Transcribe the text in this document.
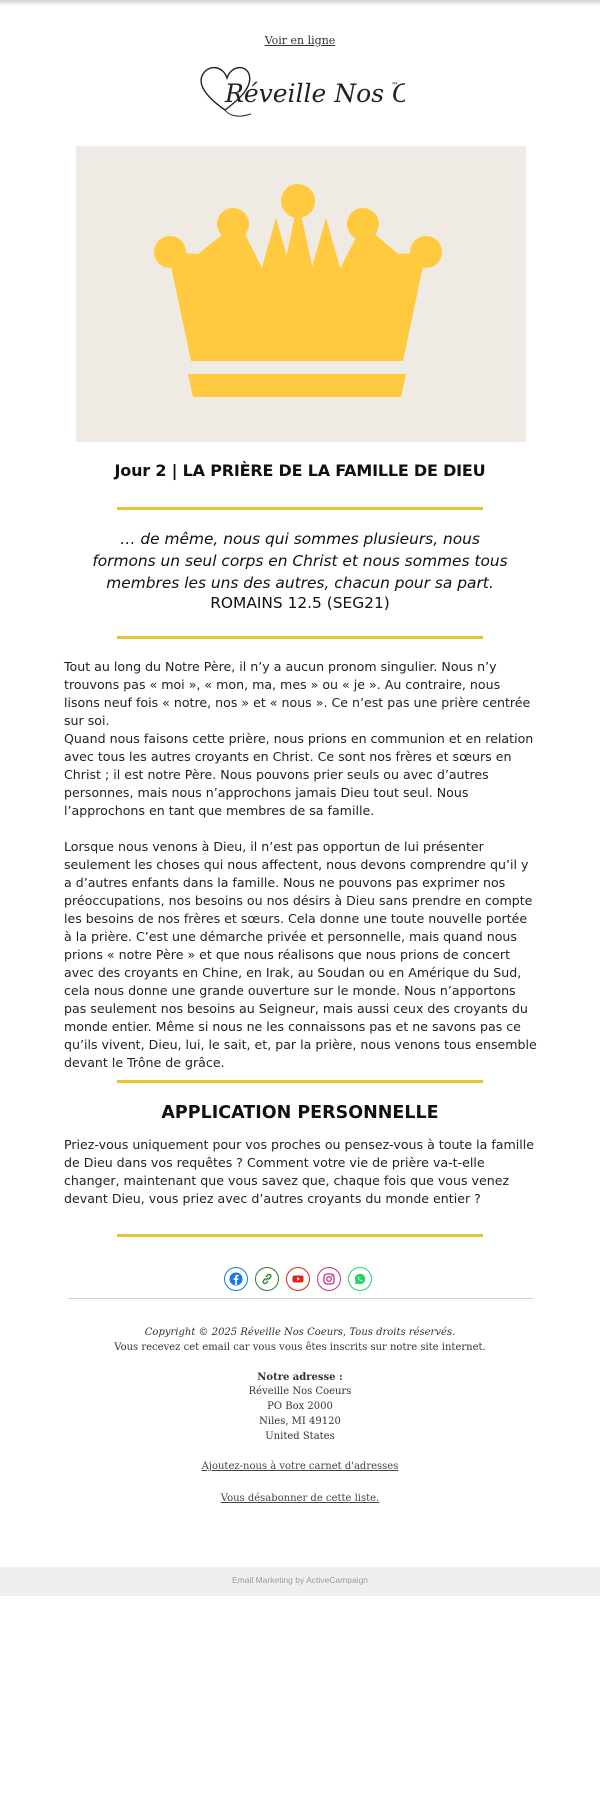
Voir en ligne
Réveille Nos ™
Jour 2 | LA PRIÈRE DE LA FAMILLE DE DIEU
… de même, nous qui sommes plusieurs, nous formons un seul corps en Christ et nous sommes tous membres les uns des autres, chacun pour sa part.
ROMAINS 12.5 (SEG21)

Tout au long du Notre Père, il n’y a aucun pronom singulier. Nous n’y trouvons pas « moi », « mon, ma, mes » ou « je ». Au contraire, nous lisons neuf fois « notre, nos » et « nous ». Ce n’est pas une prière centrée sur soi.

Quand nous faisons cette prière, nous prions en communion et en relation avec tous les autres croyants en Christ. Ce sont nos frères et sœurs en Christ ; il est notre Père. Nous pouvons prier seuls ou avec d’autres personnes, mais nous n’approchons jamais Dieu tout seul. Nous l’approchons en tant que membres de sa famille.

Lorsque nous venons à Dieu, il n’est pas opportun de lui présenter seulement les choses qui nous affectent, nous devons comprendre qu’il y a d’autres enfants dans la famille. Nous ne pouvons pas exprimer nos préoccupations, nos besoins ou nos désirs à Dieu sans prendre en compte les besoins de nos frères et sœurs. Cela donne une toute nouvelle portée à la prière. C’est une démarche privée et personnelle, mais quand nous prions « notre Père » et que nous réalisons que nous prions de concert avec des croyants en Chine, en Irak, au Soudan ou en Amérique du Sud, cela nous donne une grande ouverture sur le monde. Nous n’apportons pas seulement nos besoins au Seigneur, mais aussi ceux des croyants du monde entier. Même si nous ne les connaissons pas et ne savons pas ce qu’ils vivent, Dieu, lui, le sait, et, par la prière, nous venons tous ensemble devant le Trône de grâce.

APPLICATION PERSONNELLE

Priez-vous uniquement pour vos proches ou pensez-vous à toute la famille de Dieu dans vos requêtes ? Comment votre vie de prière va-t-elle changer, maintenant que vous savez que, chaque fois que vous venez devant Dieu, vous priez avec d’autres croyants du monde entier ?

Copyright © 2025 Réveille Nos Coeurs, Tous droits réservés.
Vous recevez cet email car vous vous êtes inscrits sur notre site internet.
Notre adresse :
Réveille Nos Coeurs
PO Box 2000
Niles, MI 49120
United States
Ajoutez-nous à votre carnet d'adresses
Vous désabonner de cette liste.
Email Marketing by ActiveCampaign
